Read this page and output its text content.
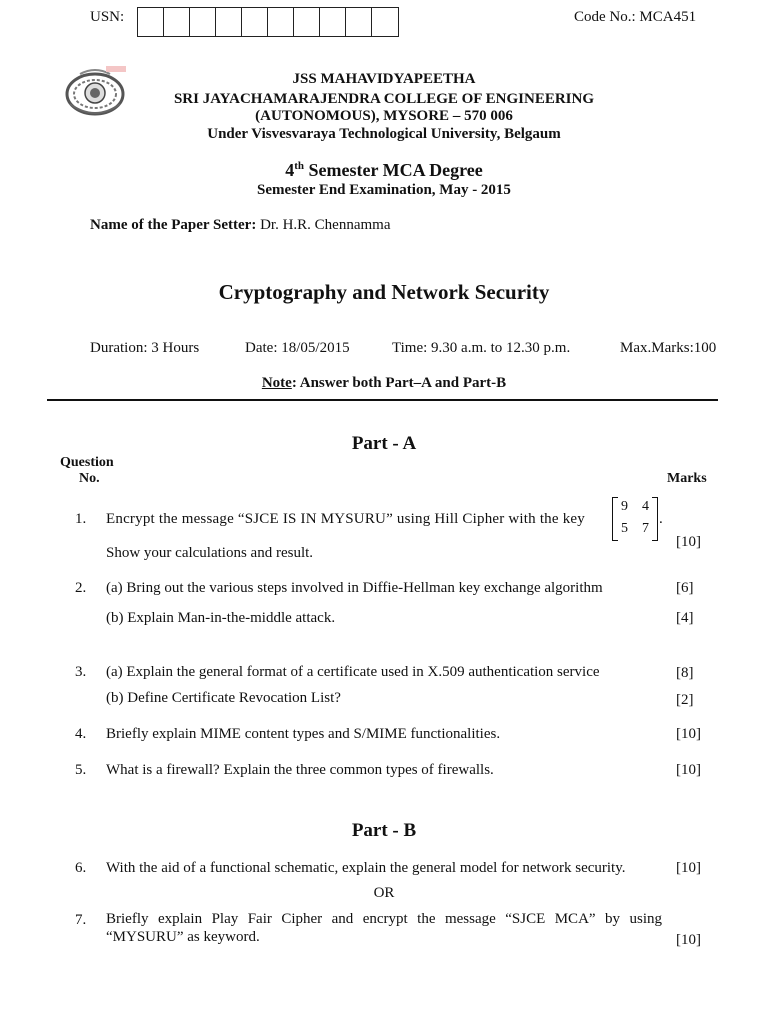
USN:	Code No.: MCA451
JSS MAHAVIDYAPEETHA
SRI JAYACHAMARAJENDRA COLLEGE OF ENGINEERING
(AUTONOMOUS), MYSORE – 570 006
Under Visvesvaraya Technological University, Belgaum
4th Semester MCA Degree
Semester End Examination, May - 2015
Name of the Paper Setter: Dr. H.R. Chennamma
Cryptography and Network Security
Duration: 3 Hours	Date: 18/05/2015	Time: 9.30 a.m. to 12.30 p.m.	Max.Marks:100
Note: Answer both Part–A and Part-B
Part - A
Question
No.	Marks
1. Encrypt the message “SJCE IS IN MYSURU” using Hill Cipher with the key
9 4
5 7
.
Show your calculations and result.
[10]
2. (a) Bring out the various steps involved in Diffie-Hellman key exchange algorithm	[6]
(b) Explain Man-in-the-middle attack.	[4]
3. (a) Explain the general format of a certificate used in X.509 authentication service	[8]
(b) Define Certificate Revocation List?	[2]
4. Briefly explain MIME content types and S/MIME functionalities.	[10]
5. What is a firewall? Explain the three common types of firewalls.	[10]
Part - B
6. With the aid of a functional schematic, explain the general model for network security.	[10]
OR
7. Briefly explain Play Fair Cipher and encrypt the message “SJCE MCA” by using “MYSURU” as keyword.	[10]
